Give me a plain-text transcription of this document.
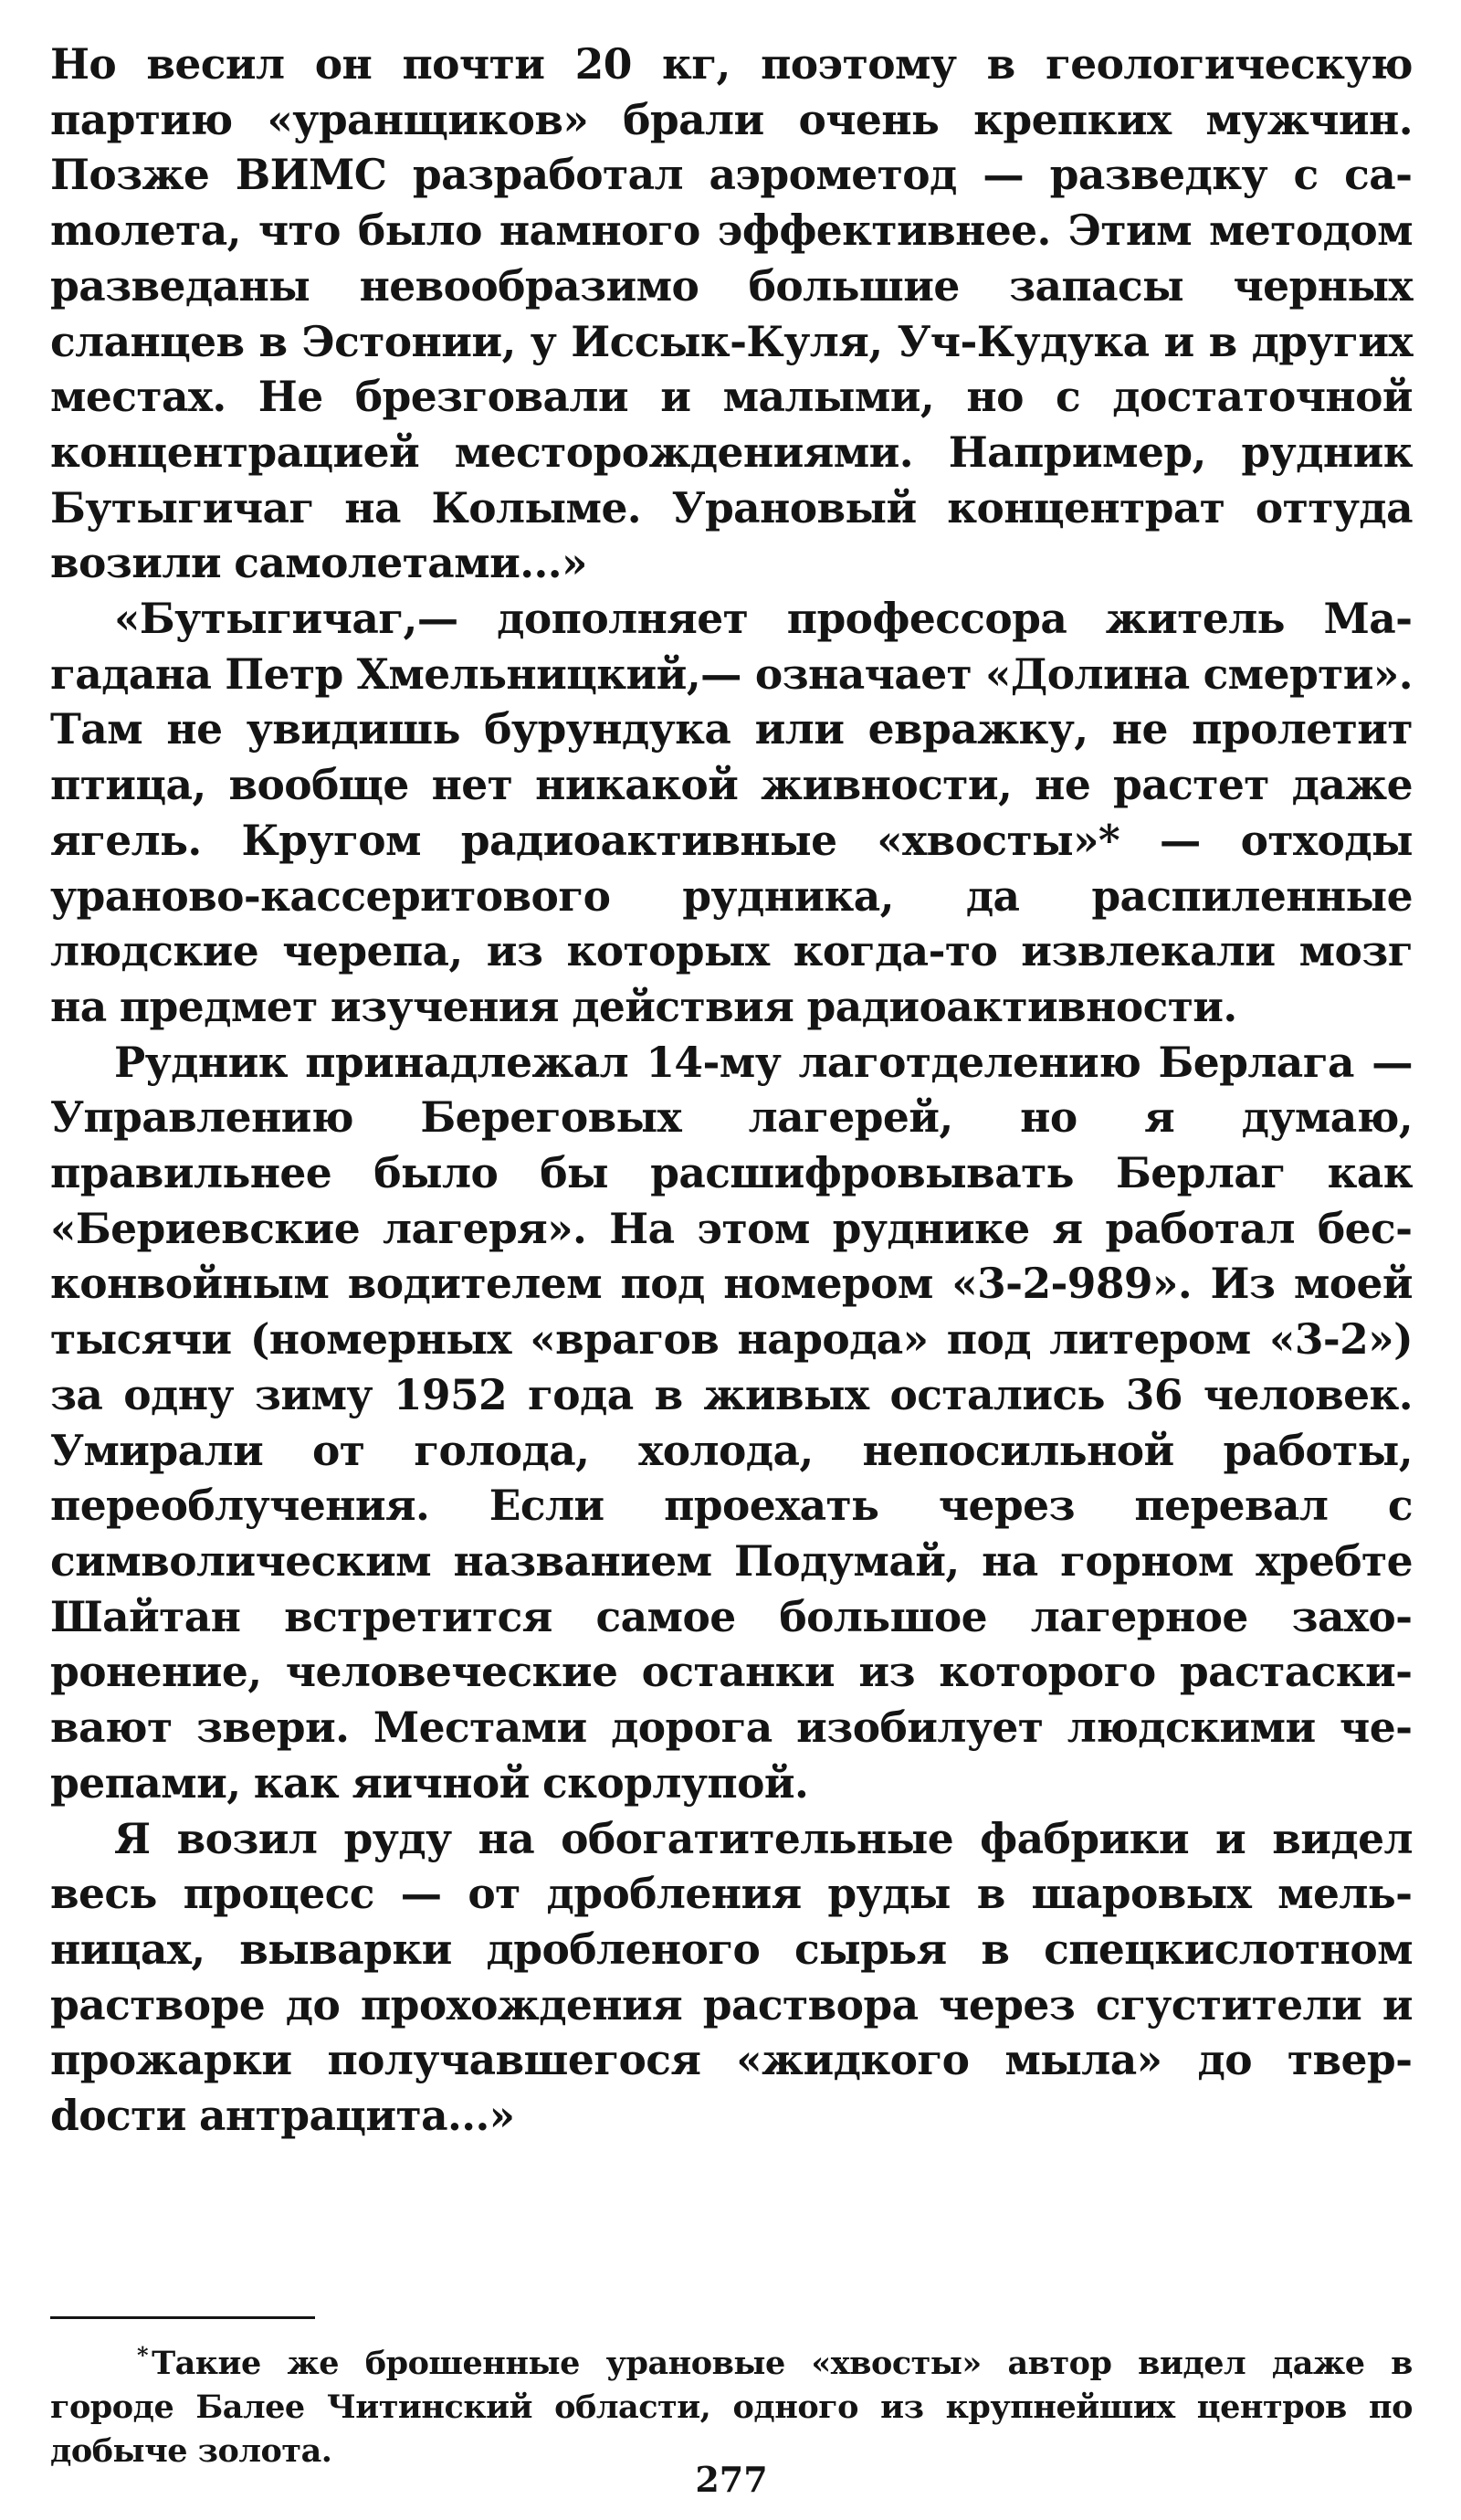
Но весил он почти 20 кг, поэтому в геологическую партию «уранщиков» брали очень крепких мужчин. Позже ВИМС разработал аэрометод — разведку с саmолета, что было намного эффективнее. Этим методом разведаны невообразимо большие запасы черных сланцев в Эстонии, у Иссык-Куля, Уч-Кудука и в других местах. Не брезговали и малыми, но с достаточной концентрацией месторождениями. Например, рудник Бутыгичаг на Колыме. Урановый концентрат оттуда возили самолетами...»

«Бутыгичаг,— дополняет профессора житель Магадана Петр Хмельницкий,— означает «Долина смерти». Там не увидишь бурундука или евражку, не пролетит птица, вообще нет никакой живности, не растет даже ягель. Кругом радиоактивные «хвосты»* — отходы ураново-кассеритового рудника, да распиленные людские черепа, из которых когда-то извлекали мозг на предмет изучения действия радиоактивности.

Рудник принадлежал 14-му лаготделению Берлага — Управлению Береговых лагерей, но я думаю, правильнее было бы расшифровывать Берлаг как «Бериевские лагеря». На этом руднике я работал бесконвойным водителем под номером «3-2-989». Из моей тысячи (номерных «врагов народа» под литером «3-2») за одну зиму 1952 года в живых остались 36 человек. Умирали от голода, холода, непосильной работы, переоблучения. Если проехать через перевал с символическим названием Подумай, на горном хребте Шайтан встретится самое большое лагерное захоронение, человеческие останки из которого растаскивают звери. Местами дорога изобилует людскими черепами, как яичной скорлупой.

Я возил руду на обогатительные фабрики и видел весь процесс — от дробления руды в шаровых мельницах, выварки дробленого сырья в спецкислотном растворе до прохождения раствора через сгустители и прожарки получавшегося «жидкого мыла» до тверdости антрацита...»

* Такие же брошенные урановые «хвосты» автор видел даже в городе Балее Читинский области, одного из крупнейших центров по добыче золота.

277
